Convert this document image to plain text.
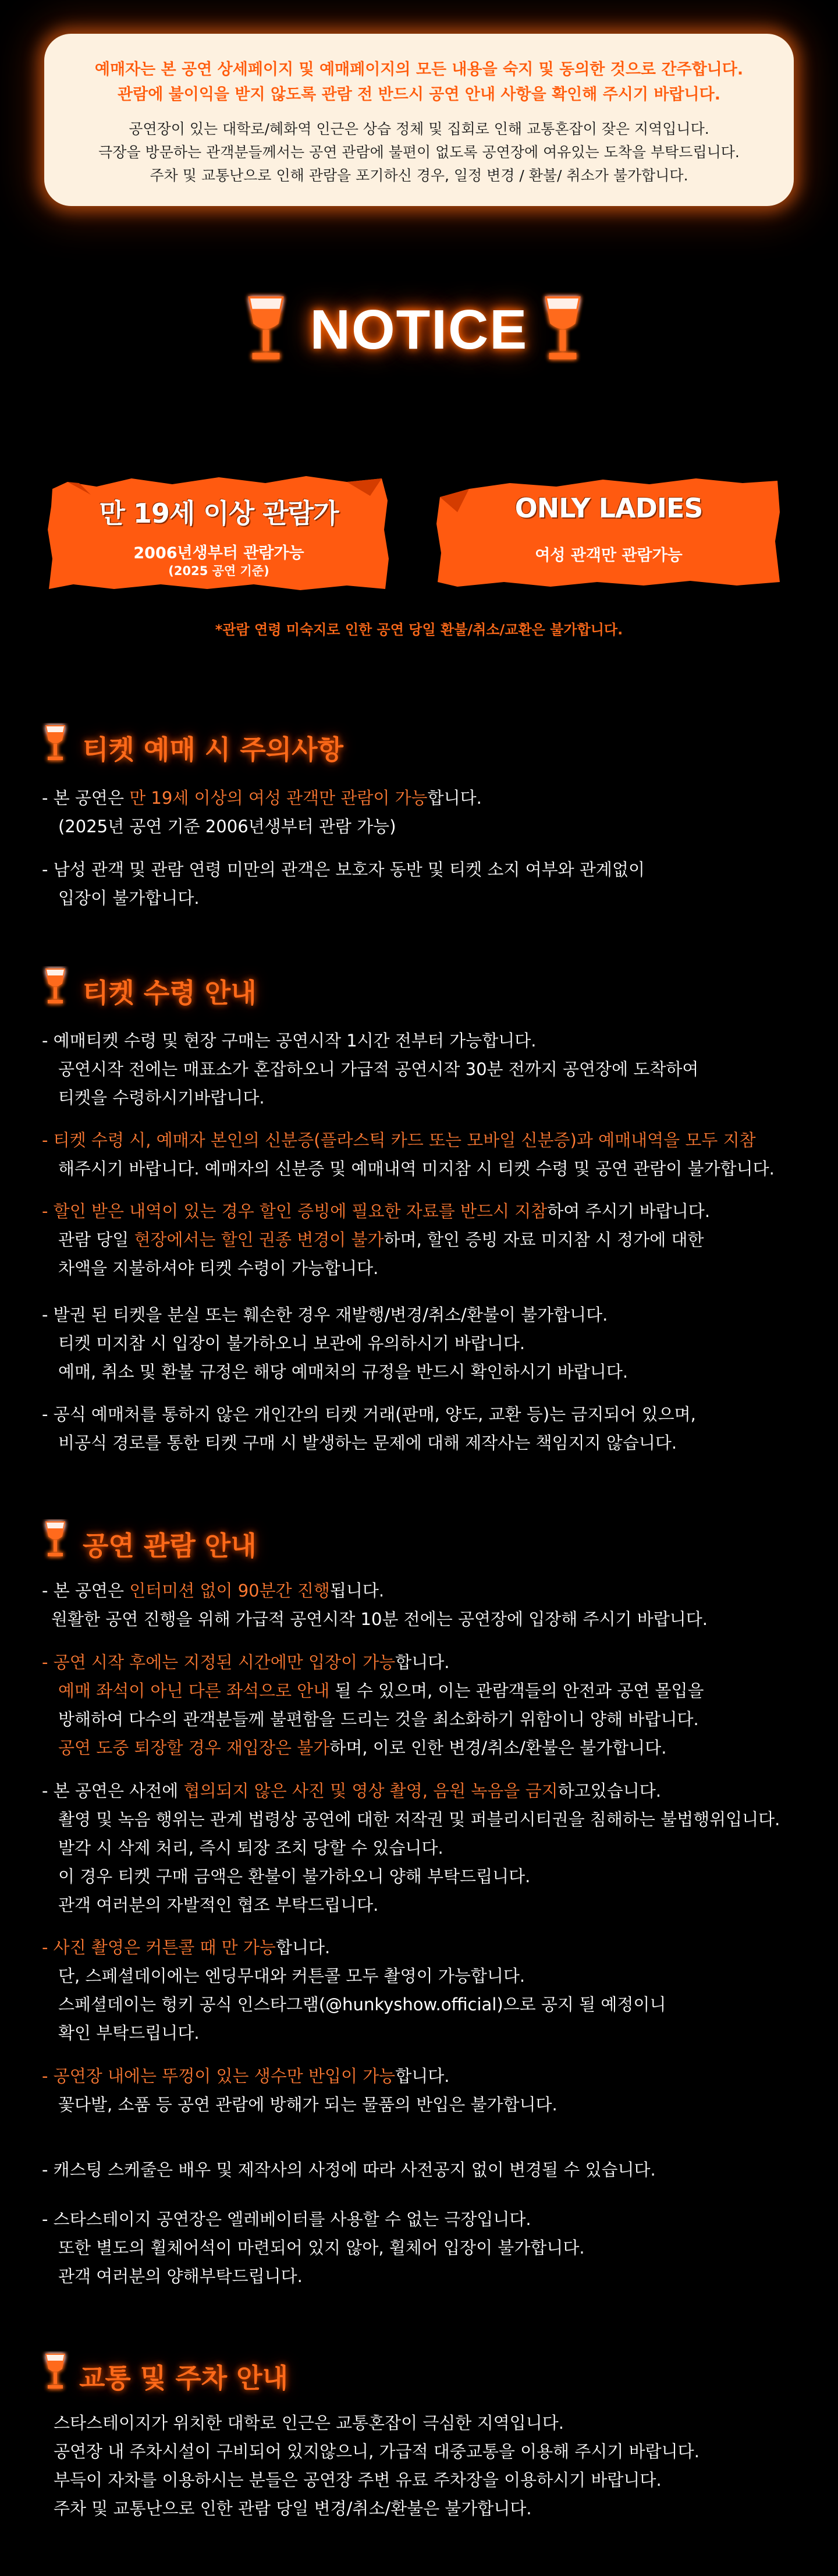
예매자는 본 공연 상세페이지 및 예매페이지의 모든 내용을 숙지 및 동의한 것으로 간주합니다.
관람에 불이익을 받지 않도록 관람 전 반드시 공연 안내 사항을 확인해 주시기 바랍니다.
공연장이 있는 대학로/혜화역 인근은 상습 정체 및 집회로 인해 교통혼잡이 잦은 지역입니다.
극장을 방문하는 관객분들께서는 공연 관람에 불편이 없도록 공연장에 여유있는 도착을 부탁드립니다.
주차 및 교통난으로 인해 관람을 포기하신 경우, 일정 변경 / 환불/ 취소가 불가합니다.
NOTICE
만 19세 이상 관람가
2006년생부터 관람가능
(2025 공연 기준)
ONLY LADIES
여성 관객만 관람가능
*관람 연령 미숙지로 인한 공연 당일 환불/취소/교환은 불가합니다.
티켓 예매 시 주의사항
- 본 공연은 만 19세 이상의 여성 관객만 관람이 가능합니다.
(2025년 공연 기준 2006년생부터 관람 가능)
- 남성 관객 및 관람 연령 미만의 관객은 보호자 동반 및 티켓 소지 여부와 관계없이
입장이 불가합니다.
티켓 수령 안내
- 예매티켓 수령 및 현장 구매는 공연시작 1시간 전부터 가능합니다.
공연시작 전에는 매표소가 혼잡하오니 가급적 공연시작 30분 전까지 공연장에 도착하여
티켓을 수령하시기바랍니다.
- 티켓 수령 시, 예매자 본인의 신분증(플라스틱 카드 또는 모바일 신분증)과 예매내역을 모두 지참
해주시기 바랍니다. 예매자의 신분증 및 예매내역 미지참 시 티켓 수령 및 공연 관람이 불가합니다.
- 할인 받은 내역이 있는 경우 할인 증빙에 필요한 자료를 반드시 지참하여 주시기 바랍니다.
관람 당일 현장에서는 할인 권종 변경이 불가하며, 할인 증빙 자료 미지참 시 정가에 대한
차액을 지불하셔야 티켓 수령이 가능합니다.
- 발권 된 티켓을 분실 또는 훼손한 경우 재발행/변경/취소/환불이 불가합니다.
티켓 미지참 시 입장이 불가하오니 보관에 유의하시기 바랍니다.
예매, 취소 및 환불 규정은 해당 예매처의 규정을 반드시 확인하시기 바랍니다.
- 공식 예매처를 통하지 않은 개인간의 티켓 거래(판매, 양도, 교환 등)는 금지되어 있으며,
비공식 경로를 통한 티켓 구매 시 발생하는 문제에 대해 제작사는 책임지지 않습니다.
공연 관람 안내
- 본 공연은 인터미션 없이 90분간 진행됩니다.
원활한 공연 진행을 위해 가급적 공연시작 10분 전에는 공연장에 입장해 주시기 바랍니다.
- 공연 시작 후에는 지정된 시간에만 입장이 가능합니다.
예매 좌석이 아닌 다른 좌석으로 안내 될 수 있으며, 이는 관람객들의 안전과 공연 몰입을
방해하여 다수의 관객분들께 불편함을 드리는 것을 최소화하기 위함이니 양해 바랍니다.
공연 도중 퇴장할 경우 재입장은 불가하며, 이로 인한 변경/취소/환불은 불가합니다.
- 본 공연은 사전에 협의되지 않은 사진 및 영상 촬영, 음원 녹음을 금지하고있습니다.
촬영 및 녹음 행위는 관계 법령상 공연에 대한 저작권 및 퍼블리시티권을 침해하는 불법행위입니다.
발각 시 삭제 처리, 즉시 퇴장 조치 당할 수 있습니다.
이 경우 티켓 구매 금액은 환불이 불가하오니 양해 부탁드립니다.
관객 여러분의 자발적인 협조 부탁드립니다.
- 사진 촬영은 커튼콜 때 만 가능합니다.
단, 스페셜데이에는 엔딩무대와 커튼콜 모두 촬영이 가능합니다.
스페셜데이는 헝키 공식 인스타그램(@hunkyshow.official)으로 공지 될 예정이니
확인 부탁드립니다.
- 공연장 내에는 뚜껑이 있는 생수만 반입이 가능합니다.
꽃다발, 소품 등 공연 관람에 방해가 되는 물품의 반입은 불가합니다.
- 캐스팅 스케줄은 배우 및 제작사의 사정에 따라 사전공지 없이 변경될 수 있습니다.
- 스타스테이지 공연장은 엘레베이터를 사용할 수 없는 극장입니다.
또한 별도의 휠체어석이 마련되어 있지 않아, 휠체어 입장이 불가합니다.
관객 여러분의 양해부탁드립니다.
교통 및 주차 안내
스타스테이지가 위치한 대학로 인근은 교통혼잡이 극심한 지역입니다.
공연장 내 주차시설이 구비되어 있지않으니, 가급적 대중교통을 이용해 주시기 바랍니다.
부득이 자차를 이용하시는 분들은 공연장 주변 유료 주차장을 이용하시기 바랍니다.
주차 및 교통난으로 인한 관람 당일 변경/취소/환불은 불가합니다.
